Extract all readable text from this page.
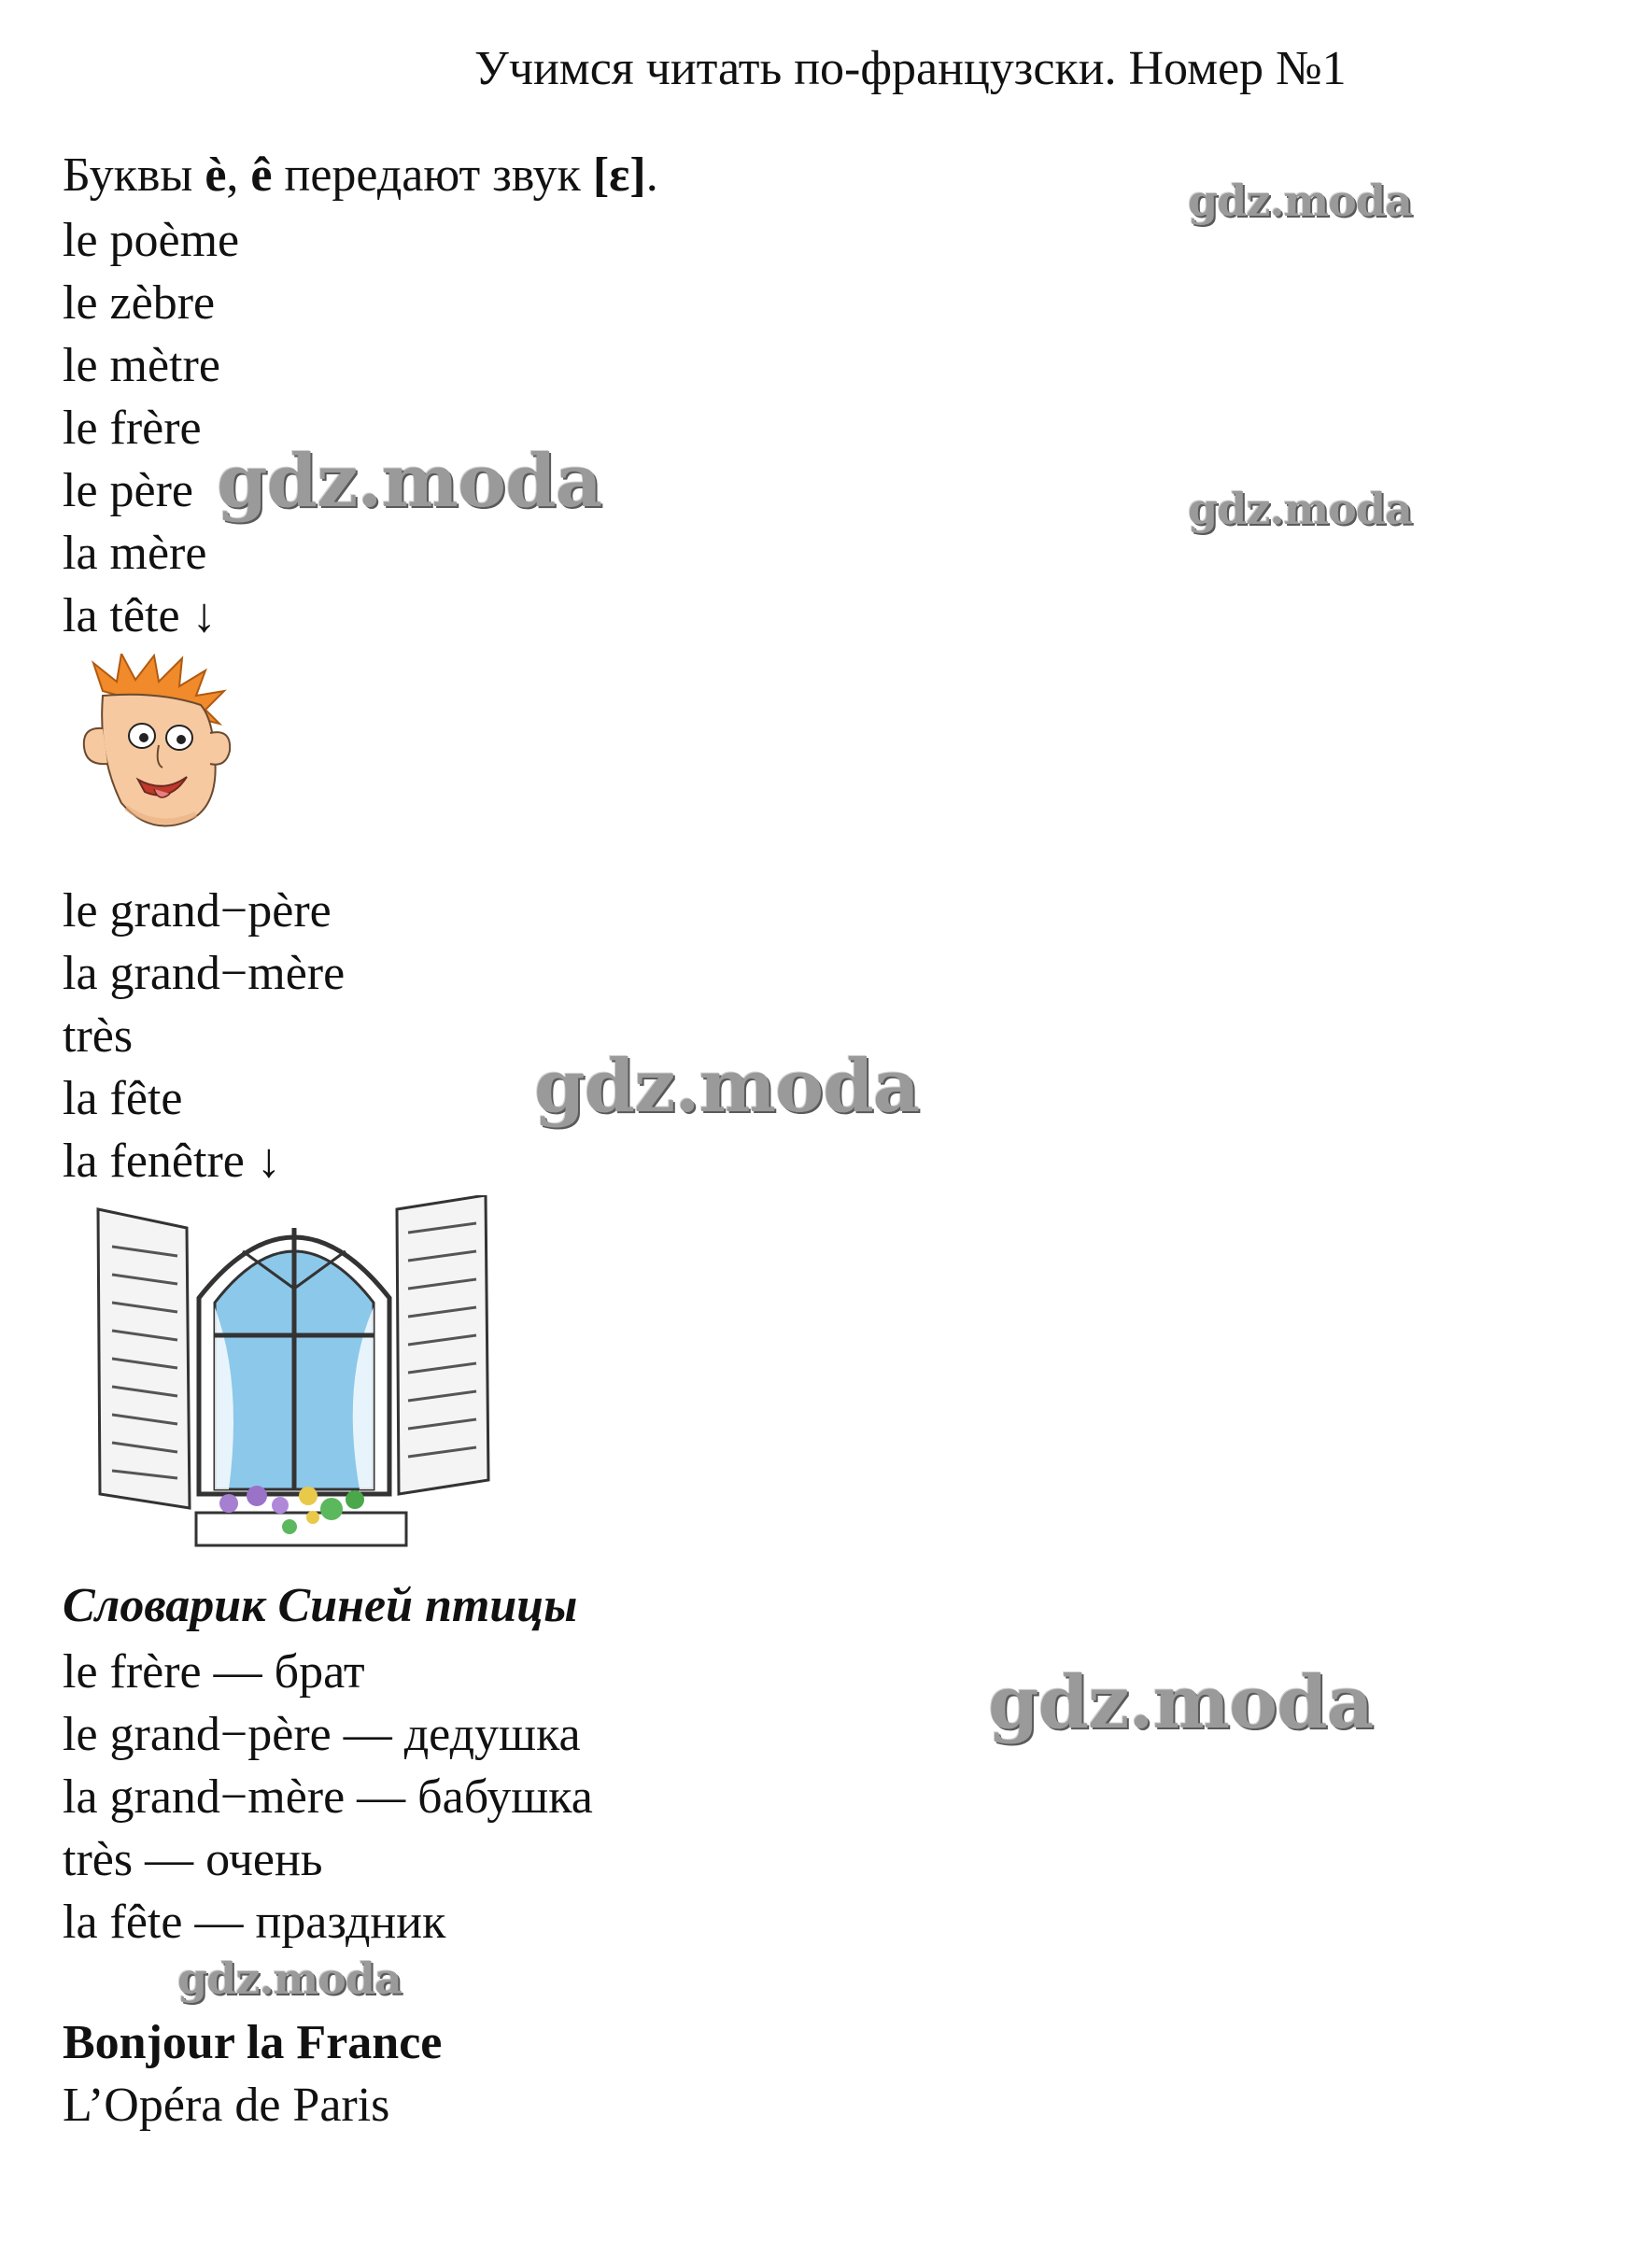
Учимся читать по-французски. Номер №1
Буквы è, ê передают звук [ε].
le poème
le zèbre
le mètre
le frère
le père
la mère
la tête ↓
le grand−père
la grand−mère
très
la fête
la fenêtre ↓
Словарик Синей птицы
le frère — брат
le grand−père — дедушка
la grand−mère — бабушка
très — очень
la fête — праздник
Bonjour la France
L’Opéra de Paris
gdz.moda
gdz.moda	gdz.moda
gdz.moda
gdz.moda
gdz.moda
